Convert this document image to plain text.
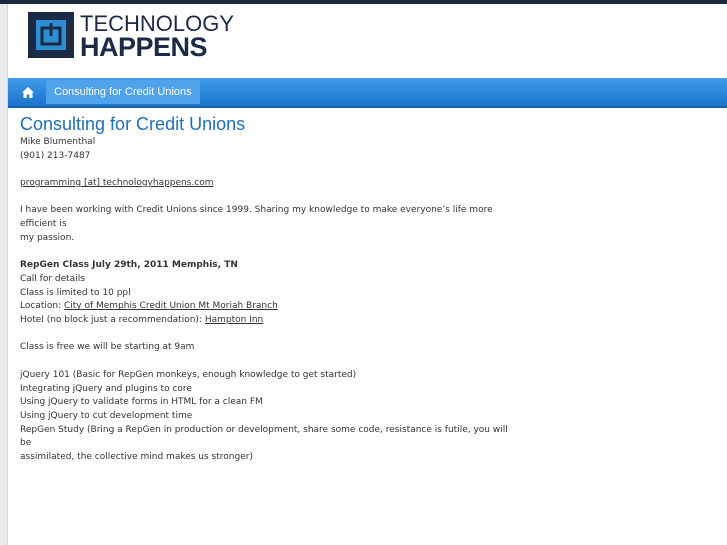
TECHNOLOGY
HAPPENS
Consulting for Credit Unions
Consulting for Credit Unions

Mike Blumenthal

(901) 213-7487

programming [at] technologyhappens.com

I have been working with Credit Unions since 1999. Sharing my knowledge to make everyone’s life more efficient is

my passion.

RepGen Class July 29th, 2011 Memphis, TN

Call for details

Class is limited to 10 ppl

Location: City of Memphis Credit Union Mt Moriah Branch

Hotel (no block just a recommendation): Hampton Inn

Class is free we will be starting at 9am

jQuery 101 (Basic for RepGen monkeys, enough knowledge to get started)

Integrating jQuery and plugins to core

Using jQuery to validate forms in HTML for a clean FM

Using jQuery to cut development time

RepGen Study (Bring a RepGen in production or development, share some code, resistance is futile, you will be

assimilated, the collective mind makes us stronger)
